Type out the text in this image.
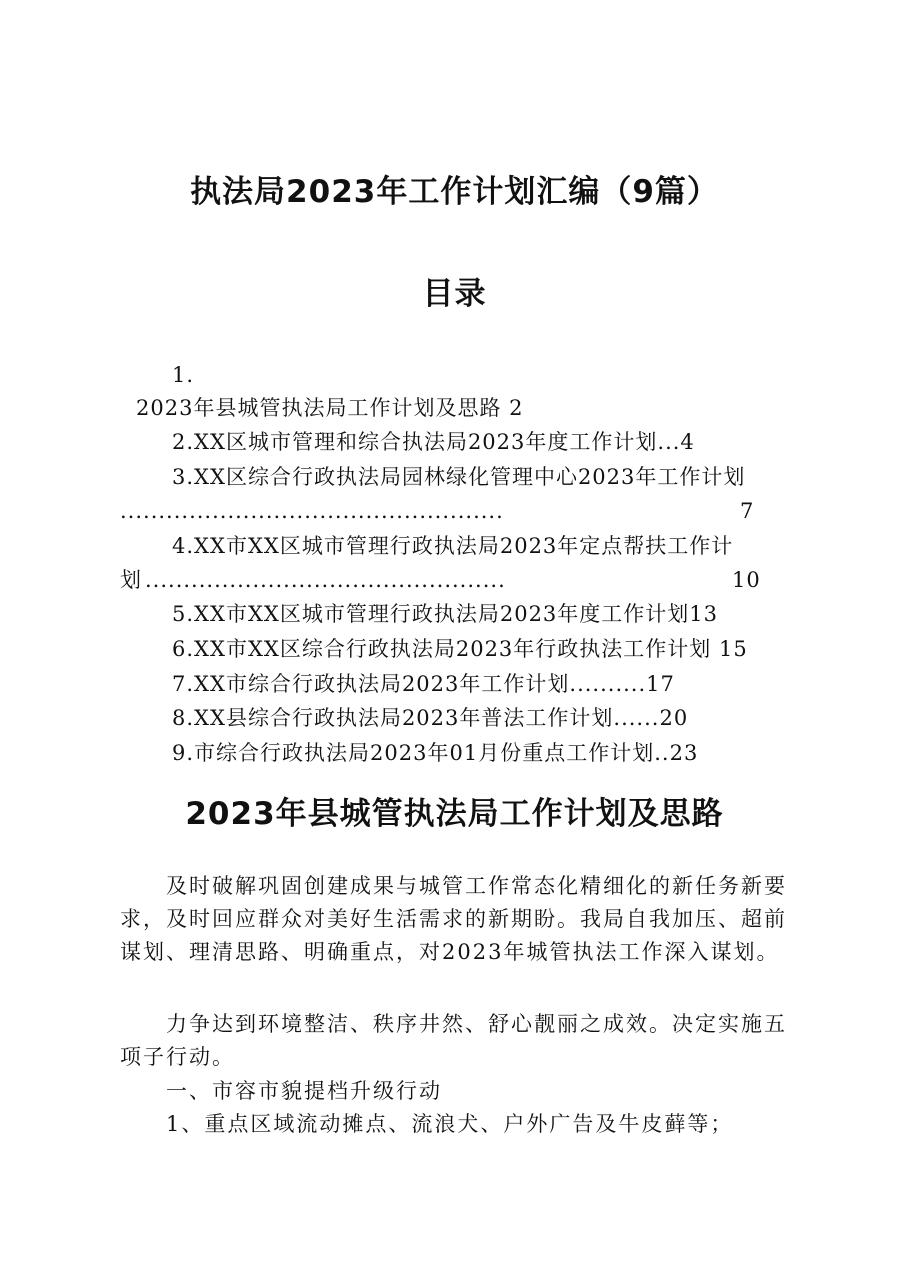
执法局2023年工作计划汇编（9篇）
目录
1.
2023年县城管执法局工作计划及思路 2
2.XX区城市管理和综合执法局2023年度工作计划...4
3.XX区综合行政执法局园林绿化管理中心2023年工作计划
..................................................	7
4.XX市XX区城市管理行政执法局2023年定点帮扶工作计
划 ...............................................	10
5.XX市XX区城市管理行政执法局2023年度工作计划13
6.XX市XX区综合行政执法局2023年行政执法工作计划 15
7.XX市综合行政执法局2023年工作计划..........17
8.XX县综合行政执法局2023年普法工作计划......20
9.市综合行政执法局2023年01月份重点工作计划..23
2023年县城管执法局工作计划及思路
　　及时破解巩固创建成果与城管工作常态化精细化的新任务新要求，及时回应群众对美好生活需求的新期盼。我局自我加压、超前谋划、理清思路、明确重点，对2023年城管执法工作深入谋划。
　　力争达到环境整洁、秩序井然、舒心靓丽之成效。决定实施五项子行动。
　　一、市容市貌提档升级行动
　　1、重点区域流动摊点、流浪犬、户外广告及牛皮藓等；
